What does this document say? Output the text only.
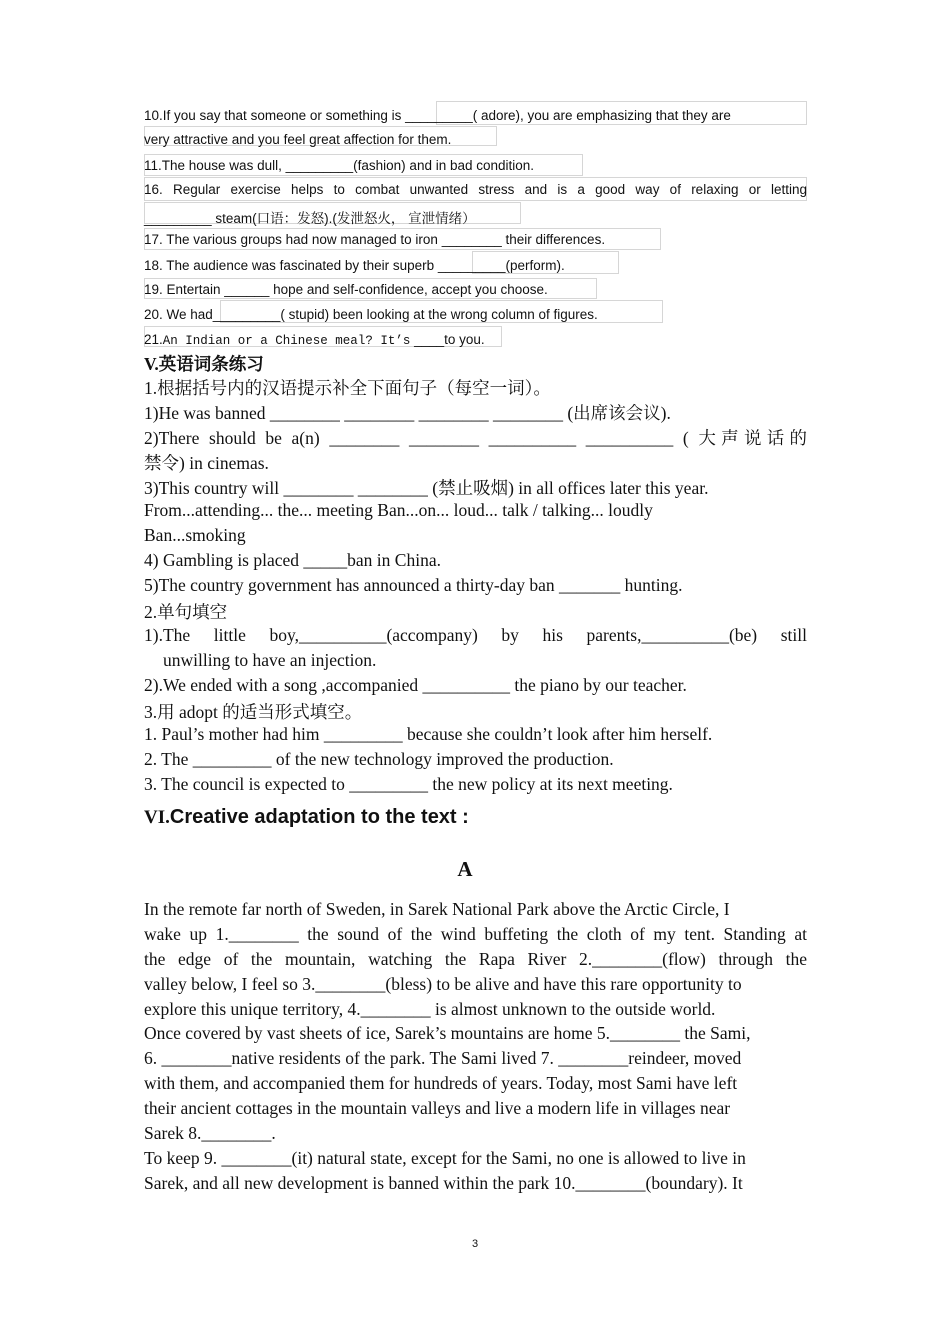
10.If you say that someone or something is _________( adore), you are emphasizing that they are
very attractive and you feel great affection for them.
11.The house was dull, _________(fashion) and in bad condition.
16. Regular exercise helps to combat unwanted stress and is a good way of relaxing or letting
_________ steam(口语：发怒).(发泄怒火， 宣泄情绪）
17. The various groups had now managed to iron ________ their differences.
18. The audience was fascinated by their superb _________(perform).
19. Entertain ______ hope and self-confidence, accept you choose.
20. We had_________( stupid) been looking at the wrong column of figures.
21.An Indian or a Chinese meal? It’s ____to you.
V.英语词条练习
1.根据括号内的汉语提示补全下面句子（每空一词）。
1)He was banned ________ ________ ________ ________ (出席该会议).
2)There should be a(n) ________ ________ __________ __________ ( 大声说话的
禁令) in cinemas.
3)This country will ________ ________ (禁止吸烟) in all offices later this year.
From...attending... the... meeting Ban...on... loud... talk / talking... loudly
Ban...smoking
4) Gambling is placed _____ban in China.
5)The country government has announced a thirty-day ban _______ hunting.
2.单句填空
1).The little boy,__________(accompany) by his parents,__________(be) still
unwilling to have an injection.
2).We ended with a song ,accompanied __________ the piano by our teacher.
3.用 adopt 的适当形式填空。
1. Paul’s mother had him _________ because she couldn’t look after him herself.
2. The _________ of the new technology improved the production.
3. The council is expected to _________ the new policy at its next meeting.
VI.Creative adaptation to the text :
A
In the remote far north of Sweden, in Sarek National Park above the Arctic Circle, I
wake up 1.________ the sound of the wind buffeting the cloth of my tent. Standing at
the edge of the mountain, watching the Rapa River 2.________(flow) through the
valley below, I feel so 3.________(bless) to be alive and have this rare opportunity to
explore this unique territory, 4.________ is almost unknown to the outside world.
Once covered by vast sheets of ice, Sarek’s mountains are home 5.________ the Sami,
6. ________native residents of the park. The Sami lived 7. ________reindeer, moved
with them, and accompanied them for hundreds of years. Today, most Sami have left
their ancient cottages in the mountain valleys and live a modern life in villages near
Sarek 8.________.
To keep 9. ________(it) natural state, except for the Sami, no one is allowed to live in
Sarek, and all new development is banned within the park 10.________(boundary). It
3
